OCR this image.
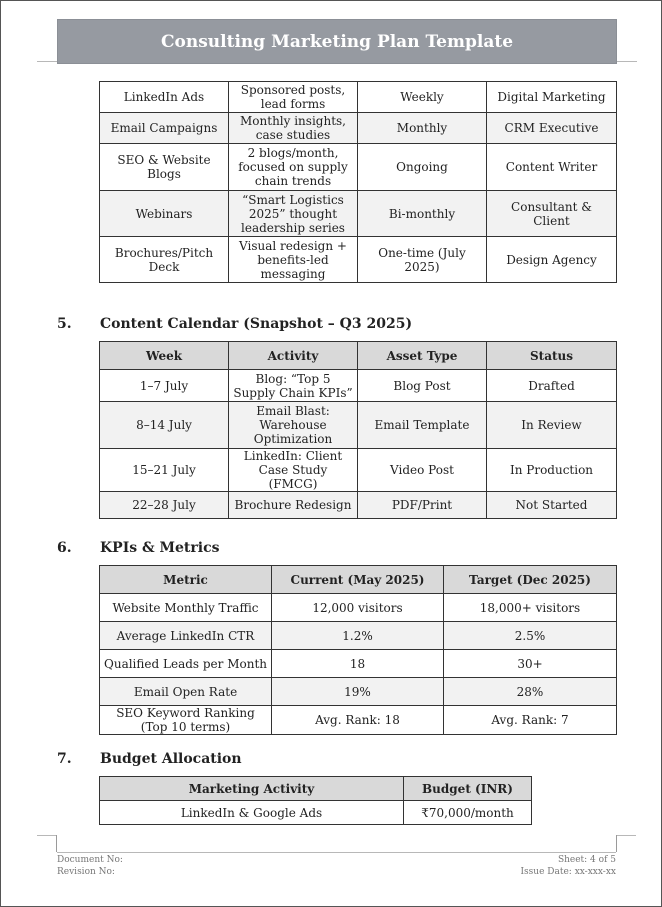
Consulting Marketing Plan Template
LinkedIn Ads	Sponsored posts, lead forms	Weekly	Digital Marketing
Email Campaigns	Monthly insights, case studies	Monthly	CRM Executive
SEO & Website Blogs	2 blogs/month, focused on supply chain trends	Ongoing	Content Writer
Webinars	“Smart Logistics 2025” thought leadership series	Bi-monthly	Consultant & Client
Brochures/Pitch Deck	Visual redesign + benefits-led messaging	One-time (July 2025)	Design Agency
5. Content Calendar (Snapshot – Q3 2025)
Week	Activity	Asset Type	Status
1–7 July	Blog: “Top 5 Supply Chain KPIs”	Blog Post	Drafted
8–14 July	Email Blast: Warehouse Optimization	Email Template	In Review
15–21 July	LinkedIn: Client Case Study (FMCG)	Video Post	In Production
22–28 July	Brochure Redesign	PDF/Print	Not Started
6. KPIs & Metrics
Metric	Current (May 2025)	Target (Dec 2025)
Website Monthly Traffic	12,000 visitors	18,000+ visitors
Average LinkedIn CTR	1.2%	2.5%
Qualified Leads per Month	18	30+
Email Open Rate	19%	28%
SEO Keyword Ranking (Top 10 terms)	Avg. Rank: 18	Avg. Rank: 7
7. Budget Allocation
Marketing Activity	Budget (INR)
LinkedIn & Google Ads	₹70,000/month
Document No:
Revision No:
Sheet: 4 of 5
Issue Date: xx-xxx-xx
